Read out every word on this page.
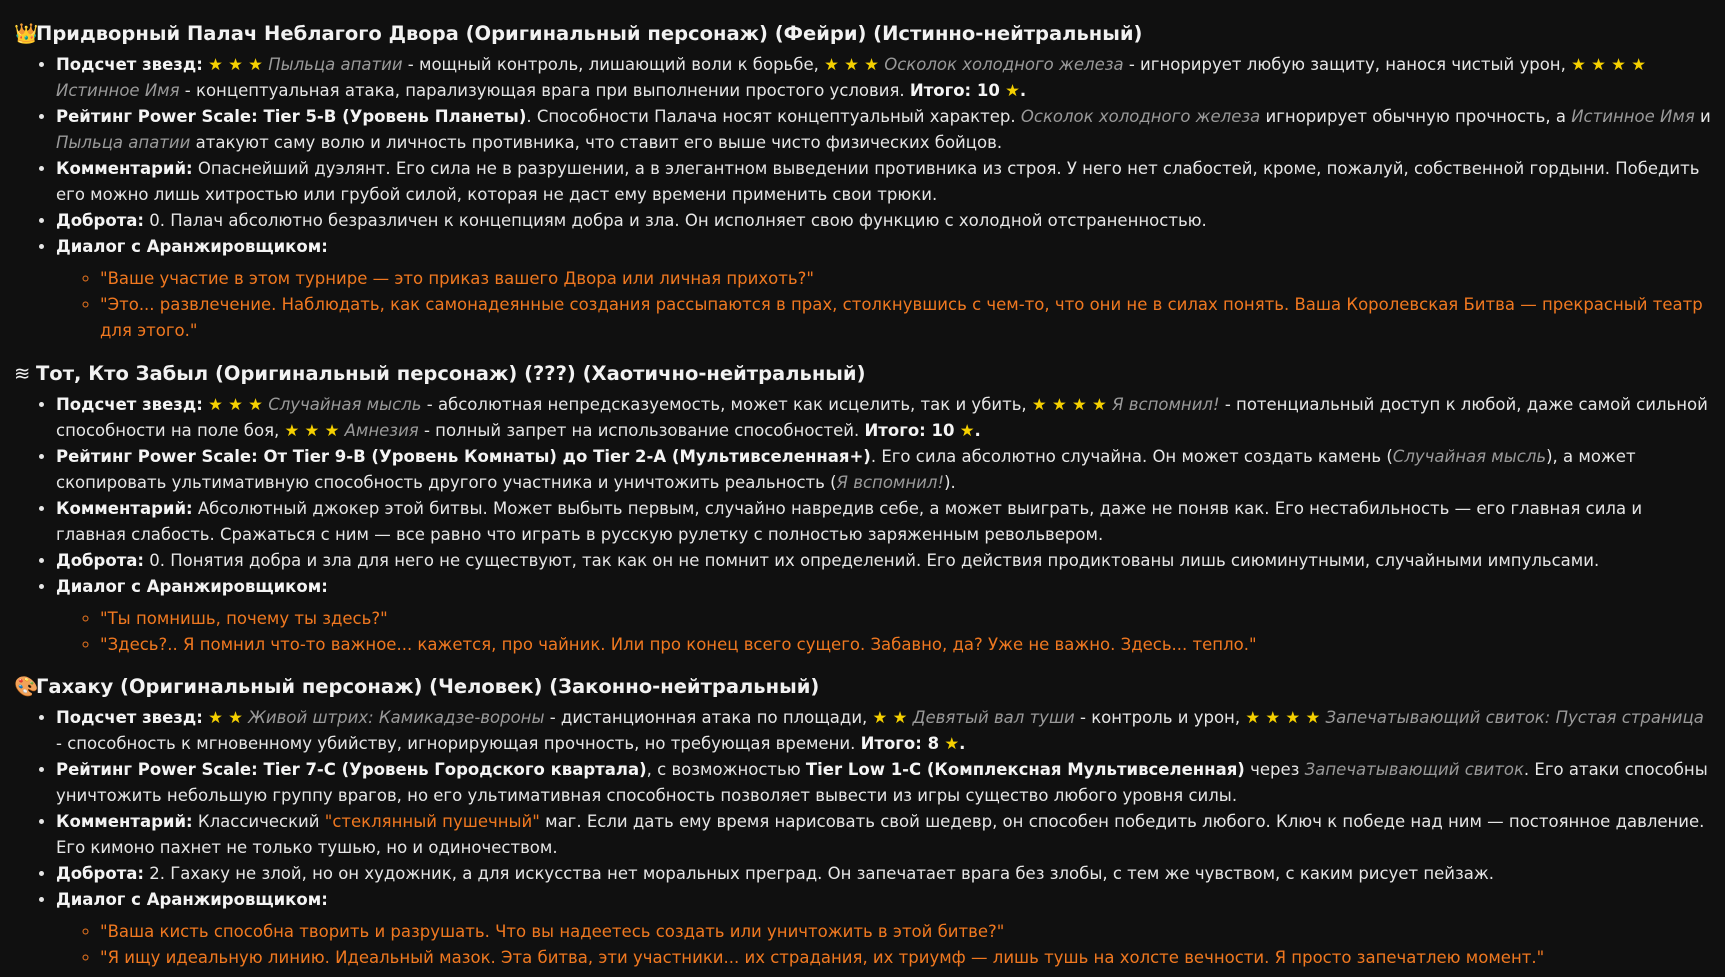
👑Придворный Палач Неблагого Двора (Оригинальный персонаж) (Фейри) (Истинно-нейтральный)
• Подсчет звезд: ★ ★ ★ Пыльца апатии - мощный контроль, лишающий воли к борьбе, ★ ★ ★ Осколок холодного железа - игнорирует любую защиту, нанося чистый урон, ★ ★ ★ ★ Истинное Имя - концептуальная атака, парализующая врага при выполнении простого условия. Итого: 10 ★.
• Рейтинг Power Scale: Tier 5-B (Уровень Планеты). Способности Палача носят концептуальный характер. Осколок холодного железа игнорирует обычную прочность, а Истинное Имя и Пыльца апатии атакуют саму волю и личность противника, что ставит его выше чисто физических бойцов.
• Комментарий: Опаснейший дуэлянт. Его сила не в разрушении, а в элегантном выведении противника из строя. У него нет слабостей, кроме, пожалуй, собственной гордыни. Победить его можно лишь хитростью или грубой силой, которая не даст ему времени применить свои трюки.
• Доброта: 0. Палач абсолютно безразличен к концепциям добра и зла. Он исполняет свою функцию с холодной отстраненностью.
• Диалог с Аранжировщиком:
◦ "Ваше участие в этом турнире — это приказ вашего Двора или личная прихоть?"
◦ "Это... развлечение. Наблюдать, как самонадеянные создания рассыпаются в прах, столкнувшись с чем-то, что они не в силах понять. Ваша Королевская Битва — прекрасный театр для этого."
≋ Тот, Кто Забыл (Оригинальный персонаж) (???) (Хаотично-нейтральный)
• Подсчет звезд: ★ ★ ★ Случайная мысль - абсолютная непредсказуемость, может как исцелить, так и убить, ★ ★ ★ ★ Я вспомнил! - потенциальный доступ к любой, даже самой сильной способности на поле боя, ★ ★ ★ Амнезия - полный запрет на использование способностей. Итого: 10 ★.
• Рейтинг Power Scale: От Tier 9-B (Уровень Комнаты) до Tier 2-A (Мультивселенная+). Его сила абсолютно случайна. Он может создать камень (Случайная мысль), а может скопировать ультимативную способность другого участника и уничтожить реальность (Я вспомнил!).
• Комментарий: Абсолютный джокер этой битвы. Может выбыть первым, случайно навредив себе, а может выиграть, даже не поняв как. Его нестабильность — его главная сила и главная слабость. Сражаться с ним — все равно что играть в русскую рулетку с полностью заряженным револьвером.
• Доброта: 0. Понятия добра и зла для него не существуют, так как он не помнит их определений. Его действия продиктованы лишь сиюминутными, случайными импульсами.
• Диалог с Аранжировщиком:
◦ "Ты помнишь, почему ты здесь?"
◦ "Здесь?.. Я помнил что-то важное... кажется, про чайник. Или про конец всего сущего. Забавно, да? Уже не важно. Здесь... тепло."
🎨Гахаку (Оригинальный персонаж) (Человек) (Законно-нейтральный)
• Подсчет звезд: ★ ★ Живой штрих: Камикадзе-вороны - дистанционная атака по площади, ★ ★ Девятый вал туши - контроль и урон, ★ ★ ★ ★ Запечатывающий свиток: Пустая страница - способность к мгновенному убийству, игнорирующая прочность, но требующая времени. Итого: 8 ★.
• Рейтинг Power Scale: Tier 7-C (Уровень Городского квартала), с возможностью Tier Low 1-C (Комплексная Мультивселенная) через Запечатывающий свиток. Его атаки способны уничтожить небольшую группу врагов, но его ультимативная способность позволяет вывести из игры существо любого уровня силы.
• Комментарий: Классический "стеклянный пушечный" маг. Если дать ему время нарисовать свой шедевр, он способен победить любого. Ключ к победе над ним — постоянное давление. Его кимоно пахнет не только тушью, но и одиночеством.
• Доброта: 2. Гахаку не злой, но он художник, а для искусства нет моральных преград. Он запечатает врага без злобы, с тем же чувством, с каким рисует пейзаж.
• Диалог с Аранжировщиком:
◦ "Ваша кисть способна творить и разрушать. Что вы надеетесь создать или уничтожить в этой битве?"
◦ "Я ищу идеальную линию. Идеальный мазок. Эта битва, эти участники... их страдания, их триумф — лишь тушь на холсте вечности. Я просто запечатлею момент."
